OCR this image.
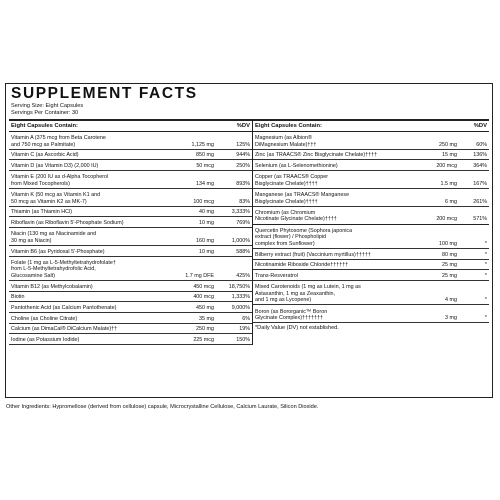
SUPPLEMENT FACTS
Serving Size: Eight Capsules
Servings Per Container: 30
Eight Capsules Contain:	%DV
Vitamin A (375 mcg from Beta Carotene
and 750 mcg as Palmitate)	1,125 mg	125%
Vitamin C (as Ascorbic Acid)	850 mg	944%
Vitamin D (as Vitamin D3) (2,000 IU)	50 mcg	250%
Vitamin E (200 IU as d-Alpha Tocopherol
from Mixed Tocopherols)	134 mg	893%
Vitamin K (50 mcg as Vitamin K1 and
50 mcg as Vitamin K2 as MK-7)	100 mcg	83%
Thiamin (as Thiamin HCl)	40 mg	3,333%
Riboflavin (as Riboflavin 5'-Phosphate Sodium)	10 mg	769%
Niacin (130 mg as Niacinamide and
30 mg as Niacin)	160 mg	1,000%
Vitamin B6 (as Pyridoxal 5'-Phosphate)	10 mg	588%
Folate (1 mg as L-5-Methyltetrahydrofolate†
from L-5-Methyltetrahydrofolic Acid,
Glucosamine Salt)	1.7 mg DFE	425%
Vitamin B12 (as Methylcobalamin)	450 mcg	18,750%
Biotin	400 mcg	1,333%
Pantothenic Acid (as Calcium Pantothenate)	450 mg	9,000%
Choline (as Choline Citrate)	35 mg	6%
Calcium (as DimaCal® DiCalcium Malate)††	250 mg	19%
Iodine (as Potassium Iodide)	225 mcg	150%
Eight Capsules Contain:	%DV
Magnesium (as Albion®
DiMagnesium Malate)†††	250 mg	60%
Zinc (as TRAACS® Zinc Bisglycinate Chelate)††††	15 mg	136%
Selenium (as L-Selenomethionine)	200 mcg	364%
Copper (as TRAACS® Copper
Bisglycinate Chelate)††††	1.5 mg	167%
Manganese (as TRAACS® Manganese
Bisglycinate Chelate)††††	6 mg	261%
Chromium (as Chromium
Nicotinate Glycinate Chelate)††††	200 mcg	571%
Quercetin Phytosome (Sophora japonica
extract (flower) / Phospholipid
complex from Sunflower)	100 mg	*
Bilberry extract (fruit) (Vaccinium myrtillus)†††††	80 mg	*
Nicotinamide Riboside Chloride††††††	25 mg	*
Trans-Resveratrol	25 mg	*
Mixed Carotenoids (1 mg as Lutein, 1 mg as
Astaxanthin, 1 mg as Zeaxanthin,
and 1 mg as Lycopene)	4 mg	*
Boron (as Bororganic™ Boron
Glycinate Complex)†††††††	3 mg	*
*Daily Value (DV) not established.
Other Ingredients: Hypromellose (derived from cellulose) capsule, Microcrystalline Cellulose, Calcium Laurate, Silicon Dioxide.
